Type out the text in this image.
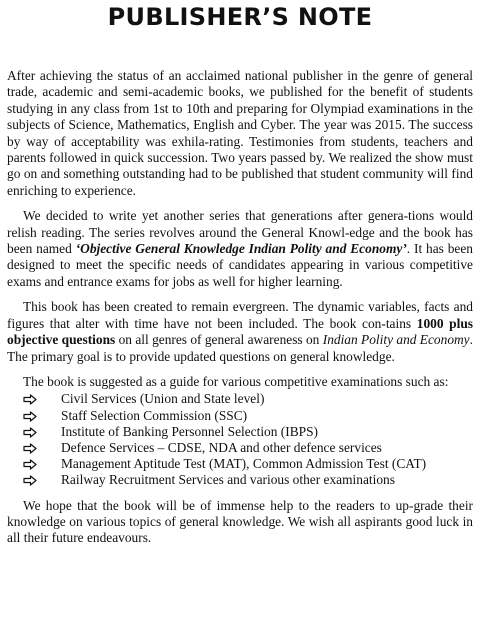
PUBLISHER’S NOTE

After achieving the status of an acclaimed national publisher in the genre of general trade, academic and semi-academic books, we published for the benefit of students studying in any class from 1st to 10th and preparing for Olympiad examinations in the subjects of Science, Mathematics, English and Cyber. The year was 2015. The success by way of acceptability was exhila-rating. Testimonies from students, teachers and parents followed in quick succession. Two years passed by. We realized the show must go on and something outstanding had to be published that student community will find enriching to experience.

We decided to write yet another series that generations after genera-tions would relish reading. The series revolves around the General Knowl-edge and the book has been named ‘Objective General Knowledge Indian Polity and Economy’. It has been designed to meet the specific needs of candidates appearing in various competitive exams and entrance exams for jobs as well for higher learning.

This book has been created to remain evergreen. The dynamic variables, facts and figures that alter with time have not been included. The book con-tains 1000 plus objective questions on all genres of general awareness on Indian Polity and Economy. The primary goal is to provide updated questions on general knowledge.

The book is suggested as a guide for various competitive examinations such as:

Civil Services (Union and State level)
Staff Selection Commission (SSC)
Institute of Banking Personnel Selection (IBPS)
Defence Services – CDSE, NDA and other defence services
Management Aptitude Test (MAT), Common Admission Test (CAT)
Railway Recruitment Services and various other examinations

We hope that the book will be of immense help to the readers to up-grade their knowledge on various topics of general knowledge. We wish all aspirants good luck in all their future endeavours.
